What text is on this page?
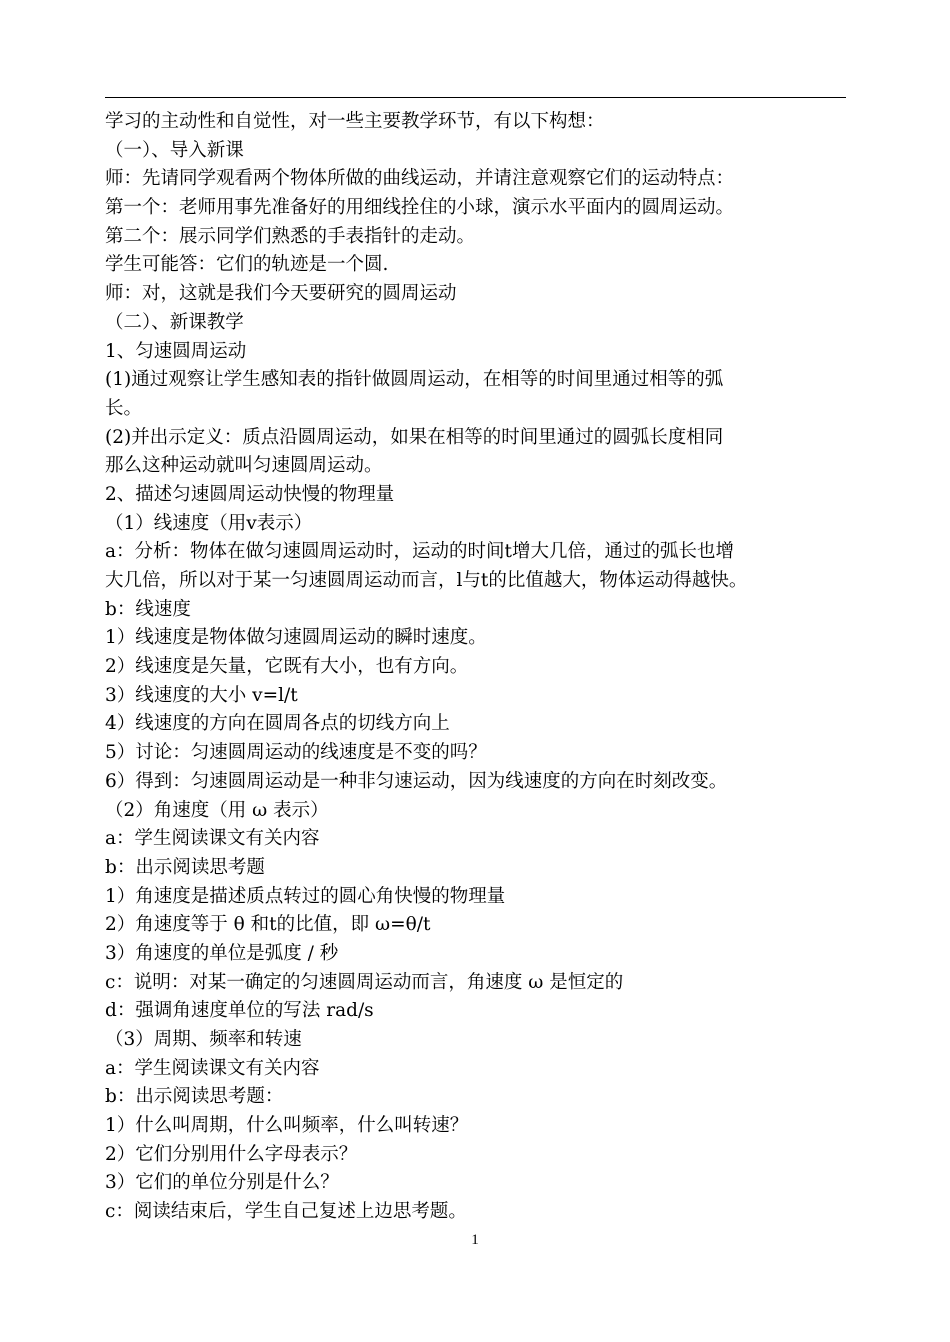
学习的主动性和自觉性，对一些主要教学环节，有以下构想：
（一）、导入新课
师：先请同学观看两个物体所做的曲线运动，并请注意观察它们的运动特点：
第一个：老师用事先准备好的用细线拴住的小球，演示水平面内的圆周运动。
第二个：展示同学们熟悉的手表指针的走动。
学生可能答：它们的轨迹是一个圆.
师：对，这就是我们今天要研究的圆周运动
（二）、新课教学
1、匀速圆周运动
(1)通过观察让学生感知表的指针做圆周运动，在相等的时间里通过相等的弧
长。
(2)并出示定义：质点沿圆周运动，如果在相等的时间里通过的圆弧长度相同
那么这种运动就叫匀速圆周运动。
2、描述匀速圆周运动快慢的物理量
（1）线速度（用v表示）
a：分析：物体在做匀速圆周运动时，运动的时间t增大几倍，通过的弧长也增
大几倍，所以对于某一匀速圆周运动而言，l与t的比值越大，物体运动得越快。
b：线速度
1）线速度是物体做匀速圆周运动的瞬时速度。
2）线速度是矢量，它既有大小，也有方向。
3）线速度的大小 v=l/t
4）线速度的方向在圆周各点的切线方向上
5）讨论：匀速圆周运动的线速度是不变的吗？
6）得到：匀速圆周运动是一种非匀速运动，因为线速度的方向在时刻改变。
（2）角速度（用 ω 表示）
a：学生阅读课文有关内容
b：出示阅读思考题
1）角速度是描述质点转过的圆心角快慢的物理量
2）角速度等于 θ 和t的比值，即 ω=θ/t
3）角速度的单位是弧度 / 秒
c：说明：对某一确定的匀速圆周运动而言，角速度 ω 是恒定的
d：强调角速度单位的写法 rad/s
（3）周期、频率和转速
a：学生阅读课文有关内容
b：出示阅读思考题：
1）什么叫周期，什么叫频率，什么叫转速？
2）它们分别用什么字母表示？
3）它们的单位分别是什么？
c：阅读结束后，学生自己复述上边思考题。
1
